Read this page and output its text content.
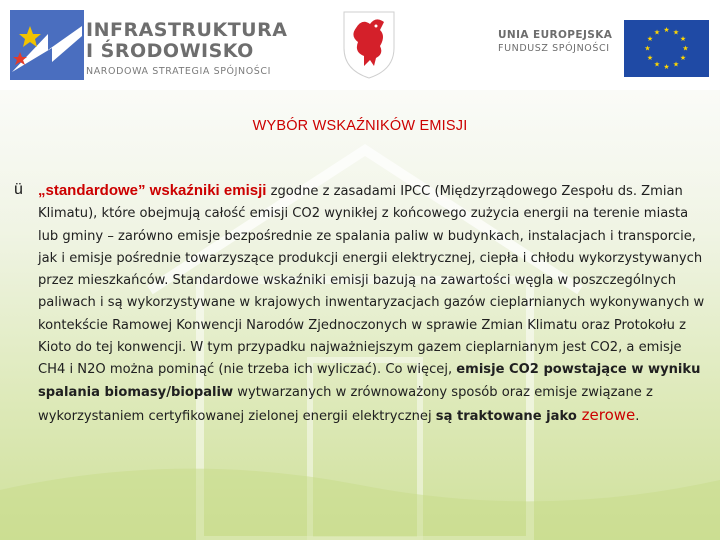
INFRASTRUKTURA
I ŚRODOWISKO
NARODOWA STRATEGIA SPÓJNOŚCI
UNIA EUROPEJSKA
FUNDUSZ SPÓJNOŚCI
★ ★
★
★
★
★
★
★
★
★
★
★
WYBÓR WSKAŹNIKÓW EMISJI
ü „standardowe” wskaźniki emisji zgodne z zasadami IPCC (Międzyrządowego Zespołu ds. Zmian Klimatu), które obejmują całość emisji CO2 wynikłej z końcowego zużycia energii na terenie miasta lub gminy – zarówno emisje bezpośrednie ze spalania paliw w budynkach, instalacjach i transporcie, jak i emisje pośrednie towarzyszące produkcji energii elektrycznej, ciepła i chłodu wykorzystywanych przez mieszkańców. Standardowe wskaźniki emisji bazują na zawartości węgla w poszczególnych paliwach i są wykorzystywane w krajowych inwentaryzacjach gazów cieplarnianych wykonywanych w kontekście Ramowej Konwencji Narodów Zjednoczonych w sprawie Zmian Klimatu oraz Protokołu z Kioto do tej konwencji. W tym przypadku najważniejszym gazem cieplarnianym jest CO2, a emisje CH4 i N2O można pominąć (nie trzeba ich wyliczać). Co więcej, emisje CO2 powstające w wyniku spalania biomasy/biopaliw wytwarzanych w zrównoważony sposób oraz emisje związane z wykorzystaniem certyfikowanej zielonej energii elektrycznej są traktowane jako zerowe.
